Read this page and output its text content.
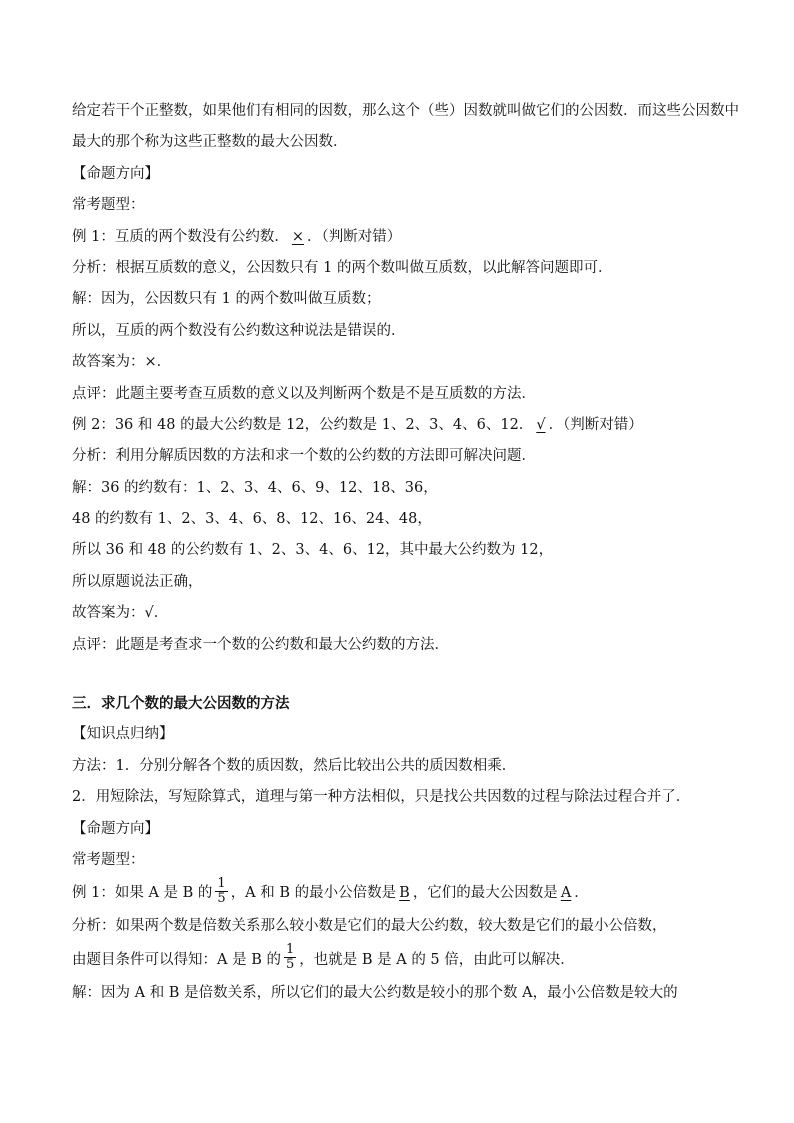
给定若干个正整数，如果他们有相同的因数，那么这个（些）因数就叫做它们的公因数．而这些公因数中
最大的那个称为这些正整数的最大公因数．
【命题方向】
常考题型：
例 1：互质的两个数没有公约数． × ．（判断对错）
分析：根据互质数的意义，公因数只有 1 的两个数叫做互质数，以此解答问题即可．
解：因为，公因数只有 1 的两个数叫做互质数；
所以，互质的两个数没有公约数这种说法是错误的．
故答案为：×．
点评：此题主要考查互质数的意义以及判断两个数是不是互质数的方法．
例 2：36 和 48 的最大公约数是 12，公约数是 1、2、3、4、6、12． √ ．（判断对错）
分析：利用分解质因数的方法和求一个数的公约数的方法即可解决问题．
解：36 的约数有：1、2、3、4、6、9、12、18、36，
48 的约数有 1、2、3、4、6、8、12、16、24、48，
所以 36 和 48 的公约数有 1、2、3、4、6、12，其中最大公约数为 12，
所以原题说法正确，
故答案为：√．
点评：此题是考查求一个数的公约数和最大公约数的方法．
三．求几个数的最大公因数的方法
【知识点归纳】
方法：1．分别分解各个数的质因数，然后比较出公共的质因数相乘．
2．用短除法，写短除算式，道理与第一种方法相似，只是找公共因数的过程与除法过程合并了．
【命题方向】
常考题型：
例 1：如果 A 是 B 的 $\frac{1}{5}$ ，A 和 B 的最小公倍数是 B ，它们的最大公因数是 A ．
分析：如果两个数是倍数关系那么较小数是它们的最大公约数，较大数是它们的最小公倍数，
由题目条件可以得知：A 是 B 的 $\frac{1}{5}$ ，也就是 B 是 A 的 5 倍，由此可以解决．
解：因为 A 和 B 是倍数关系，所以它们的最大公约数是较小的那个数 A，最小公倍数是较大的
